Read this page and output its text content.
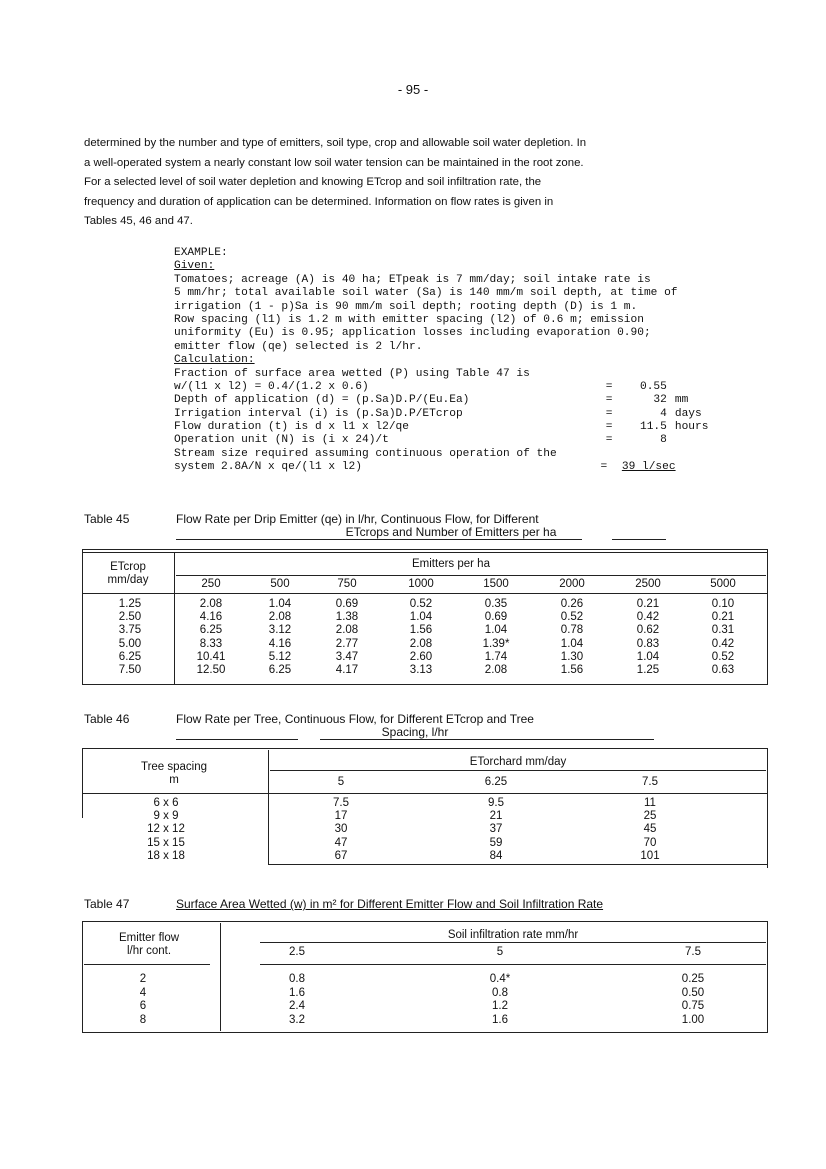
- 95 -

determined by the number and type of emitters, soil type, crop and allowable soil water depletion. In

a well-operated system a nearly constant low soil water tension can be maintained in the root zone.

For a selected level of soil water depletion and knowing ETcrop and soil infiltration rate, the

frequency and duration of application can be determined. Information on flow rates is given in

Tables 45, 46 and 47.

EXAMPLE:
Given:
Tomatoes; acreage (A) is 40 ha; ETpeak is 7 mm/day; soil intake rate is
5 mm/hr; total available soil water (Sa) is 140 mm/m soil depth, at time of
irrigation (1 - p)Sa is 90 mm/m soil depth; rooting depth (D) is 1 m.
Row spacing (l1) is 1.2 m with emitter spacing (l2) of 0.6 m; emission
uniformity (Eu) is 0.95; application losses including evaporation 0.90;
emitter flow (qe) selected is 2 l/hr.
Calculation:
Fraction of surface area wetted (P) using Table 47 is
w/(l1 x l2) = 0.4/(1.2 x 0.6)	=	0.55
Depth of application (d) = (p.Sa)D.P/(Eu.Ea)	=	32 mm
Irrigation interval (i) is (p.Sa)D.P/ETcrop	=	4 days
Flow duration (t) is d x l1 x l2/qe	=	11.5 hours
Operation unit (N) is (i x 24)/t	=	8
Stream size required assuming continuous operation of the
system 2.8A/N x qe/(l1 x l2)	=	39 l/sec
Table 45	Flow Rate per Drip Emitter (qe) in l/hr, Continuous Flow, for Different
ETcrops and Number of Emitters per ha
ETcrop
mm/day
Emitters per ha
250	500	750	1000	1500	2000	2500	5000
1.25	2.08	1.04	0.69	0.52	0.35	0.26	0.21	0.10
2.50	4.16	2.08	1.38	1.04	0.69	0.52	0.42	0.21
3.75	6.25	3.12	2.08	1.56	1.04	0.78	0.62	0.31
5.00	8.33	4.16	2.77	2.08	1.39*	1.04	0.83	0.42
6.25	10.41	5.12	3.47	2.60	1.74	1.30	1.04	0.52
7.50	12.50	6.25	4.17	3.13	2.08	1.56	1.25	0.63
Table 46	Flow Rate per Tree, Continuous Flow, for Different ETcrop and Tree
Spacing, l/hr
Tree spacing
m
ETorchard mm/day
5	6.25	7.5
6 x 6	7.5	9.5	11
9 x 9	17	21	25
12 x 12	30	37	45
15 x 15	47	59	70
18 x 18	67	84	101
Table 47	Surface Area Wetted (w) in m² for Different Emitter Flow and Soil Infiltration Rate
Emitter flow
l/hr cont.
Soil infiltration rate mm/hr
2.5	5	7.5
2	0.8	0.4*	0.25
4	1.6	0.8	0.50
6	2.4	1.2	0.75
8	3.2	1.6	1.00
